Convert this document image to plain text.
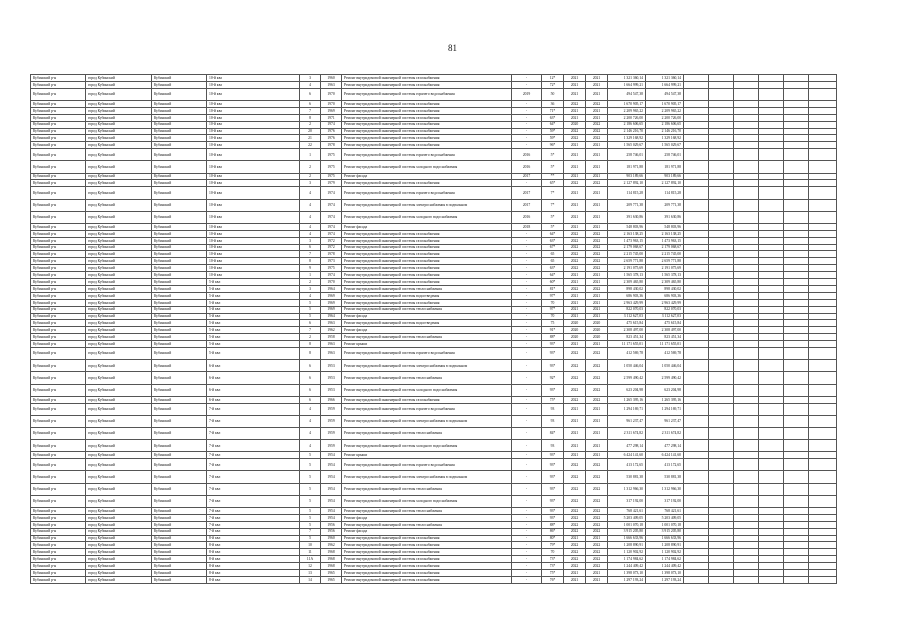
81
Кубинский р-н	город Кубинский	Кубинский	10-й квл	3	1960	Ремонт внутридомовой инженерной системы газоснабжения	-	12*	2021	2021	1 321 360,14	1 321 360,14						
Кубинский р-н	город Кубинский	Кубинский	10-й квл	4	1963	Ремонт внутридомовой инженерной системы газоснабжения	-	72*	2021	2021	1 664 999,21	1 664 999,21						
Кубинский р-н	город Кубинский	Кубинский	10-й квл	6	1970	Ремонт внутридомовой инженерной системы горячего водоснабжения	2019	50	2021	2021	494 547,38	494 547,38						
Кубинский р-н	город Кубинский	Кубинский	10-й квл	6	1970	Ремонт внутридомовой инженерной системы газоснабжения	-	36	2022	2022	1 670 905,17	1 670 905,17						
Кубинский р-н	город Кубинский	Кубинский	10-й квл	7	1969	Ремонт внутридомовой инженерной системы газоснабжения	-	71*	2021	2021	2 209 965,22	2 209 965,22						
Кубинский р-н	город Кубинский	Кубинский	10-й квл	8	1971	Ремонт внутридомовой инженерной системы газоснабжения	-	63*	2021	2021	2 200 726,00	2 200 726,00						
Кубинский р-н	город Кубинский	Кубинский	10-й квл	2	1974	Ремонт внутридомовой инженерной системы газоснабжения	-	64*	2020	2022	2 186 606,65	2 186 606,65						
Кубинский р-н	город Кубинский	Кубинский	10-й квл	20	1976	Ремонт внутридомовой инженерной системы газоснабжения	-	59*	2022	2022	2 146 216,70	2 146 216,70						
Кубинский р-н	город Кубинский	Кубинский	10-й квл	21	1976	Ремонт внутридомовой инженерной системы газоснабжения	-	59*	2022	2022	1 329 168,92	1 329 168,92						
Кубинский р-н	город Кубинский	Кубинский	10-й квл	22	1978	Ремонт внутридомовой инженерной системы газоснабжения	-	96*	2021	2021	1 565 029,67	1 565 029,67						
Кубинский р-н	город Кубинский	Кубинский	10-й квл	1	1975	Ремонт внутридомовой инженерной системы горячего водоснабжения	2016	5*	2021	2021	258 746,01	258 746,01						
Кубинский р-н	город Кубинский	Кубинский	10-й квл	2	1975	Ремонт внутридомовой инженерной системы холодного водоснабжения	2016	5*	2021	2021	181 971,88	181 971,88						
Кубинский р-н	город Кубинский	Кубинский	10-й квл	2	1975	Ремонт фасада	2017	**	2021	2021	903 189,66	903 189,66						
Кубинский р-н	город Кубинский	Кубинский	10-й квл	3	1979	Ремонт внутридомовой инженерной системы газоснабжения	-	65*	2022	2022	2 127 892,10	2 127 892,10						
Кубинский р-н	город Кубинский	Кубинский	10-й квл	4	1974	Ремонт внутридомовой инженерной системы горячего водоснабжения	2017	7*	2021	2021	114 815,28	114 815,28						
Кубинский р-н	город Кубинский	Кубинский	10-й квл	4	1974	Ремонт внутридомовой инженерной системы электроснабжения в подвальном	2017	7*	2021	2021	209 771,38	209 771,38						
Кубинский р-н	город Кубинский	Кубинский	10-й квл	4	1974	Ремонт внутридомовой инженерной системы холодного водоснабжения	2016	5*	2021	2021	391 630,86	391 630,86						
Кубинский р-н	город Кубинский	Кубинский	10-й квл	4	1974	Ремонт фасада	2018	5*	2021	2021	548 803,96	548 803,96						
Кубинский р-н	город Кубинский	Кубинский	10-й квл	4	1974	Ремонт внутридомовой инженерной системы газоснабжения	-	64*	2022	2022	2 163 138,25	2 163 138,25						
Кубинский р-н	город Кубинский	Кубинский	10-й квл	3	1972	Ремонт внутридомовой инженерной системы газоснабжения	-	63*	2022	2022	1 473 963,15	1 473 963,15						
Кубинский р-н	город Кубинский	Кубинский	10-й квл	6	1972	Ремонт внутридомовой инженерной системы газоснабжения	-	67*	2022	2022	2 179 068,67	2 179 068,67						
Кубинский р-н	город Кубинский	Кубинский	10-й квл	7	1978	Ремонт внутридомовой инженерной системы газоснабжения	-	65	2022	2022	2 215 745,00	2 215 745,00						
Кубинский р-н	город Кубинский	Кубинский	10-й квл	8	1973	Ремонт внутридомовой инженерной системы газоснабжения	-	65	2022	2022	2 659 771,88	2 659 771,88						
Кубинский р-н	город Кубинский	Кубинский	10-й квл	9	1975	Ремонт внутридомовой инженерной системы газоснабжения	-	63*	2022	2022	2 191 075,69	2 191 075,69						
Кубинский р-н	город Кубинский	Кубинский	10-й квл	1	1974	Ремонт внутридомовой инженерной системы газоснабжения	-	64*	2021	2021	1 565 378,13	1 565 378,13						
Кубинский р-н	город Кубинский	Кубинский	5-й квл	2	1970	Ремонт внутридомовой инженерной системы газоснабжения	-	60*	2021	2021	2 309 465,80	2 309 465,80						
Кубинский р-н	город Кубинский	Кубинский	5-й квл	3	1964	Ремонт внутридомовой инженерной системы теплоснабжения	-	81*	2022	2022	898 430,02	898 430,02						
Кубинский р-н	город Кубинский	Кубинский	5-й квл	4	1969	Ремонт внутридомовой инженерной системы водоотведения	-	97*	2021	2021	686 903,36	686 903,36						
Кубинский р-н	город Кубинский	Кубинский	5-й квл	5	1969	Ремонт внутридомовой инженерной системы газоснабжения	-	70	2021	2021	2 963 429,99	2 963 429,99						
Кубинский р-н	город Кубинский	Кубинский	5-й квл	5	1969	Ремонт внутридомовой инженерной системы теплоснабжения	-	97*	2021	2021	822 070,03	822 070,03						
Кубинский р-н	город Кубинский	Кубинский	5-й квл	5	1964	Ремонт фасада	-	70	2021	2021	3 112 627,03	3 112 627,03						
Кубинский р-н	город Кубинский	Кубинский	5-й квл	6	1963	Ремонт внутридомовой инженерной системы водоотведения	-	75	2020	2020	475 615,84	475 615,84						
Кубинский р-н	город Кубинский	Кубинский	5-й квл	7	1962	Ремонт фасада	-	91*	2020	2020	2 308 497,00	2 308 497,00						
Кубинский р-н	город Кубинский	Кубинский	5-й квл	2	1958	Ремонт внутридомовой инженерной системы теплоснабжения	-	88*	2020	2020	823 451,34	823 451,34						
Кубинский р-н	город Кубинский	Кубинский	5-й квл	8	1963	Ремонт крыши	-	93*	2021	2021	11 171 655,01	11 171 655,01						
Кубинский р-н	город Кубинский	Кубинский	5-й квл	8	1963	Ремонт внутридомовой инженерной системы горячего водоснабжения	-	93*	2022	2022	412 569,78	412 569,78						
Кубинский р-н	город Кубинский	Кубинский	6-й квл	6	1953	Ремонт внутридомовой инженерной системы электроснабжения в подвальном	-	93*	2022	2022	1 050 446,04	1 050 446,04						
Кубинский р-н	город Кубинский	Кубинский	6-й квл	6	1953	Ремонт внутридомовой инженерной системы теплоснабжения	-	92*	2022	2022	2 599 490,42	2 599 490,42						
Кубинский р-н	город Кубинский	Кубинский	6-й квл	6	1953	Ремонт внутридомовой инженерной системы холодного водоснабжения	-	93*	2022	2022	623 204,98	623 204,98						
Кубинский р-н	город Кубинский	Кубинский	6-й квл	6	1966	Ремонт внутридомовой инженерной системы газоснабжения	-	75*	2022	2022	1 265 395,16	1 265 395,16						
Кубинский р-н	город Кубинский	Кубинский	7-й квл	4	1959	Ремонт внутридомовой инженерной системы горячего водоснабжения	-	93	2021	2021	1 294 169,71	1 294 169,71						
Кубинский р-н	город Кубинский	Кубинский	7-й квл	4	1959	Ремонт внутридомовой инженерной системы электроснабжения в подвальном	-	93	2021	2021	961 237,47	961 237,47						
Кубинский р-н	город Кубинский	Кубинский	7-й квл	4	1959	Ремонт внутридомовой инженерной системы теплоснабжения	-	84*	2021	2021	2 311 674,82	2 311 674,82						
Кубинский р-н	город Кубинский	Кубинский	7-й квл	4	1959	Ремонт внутридомовой инженерной системы холодного водоснабжения	-	93	2021	2021	477 298,14	477 298,14						
Кубинский р-н	город Кубинский	Кубинский	7-й квл	5	1954	Ремонт крыши	-	93*	2021	2021	6 424 141,60	6 424 141,60						
Кубинский р-н	город Кубинский	Кубинский	7-й квл	5	1954	Ремонт внутридомовой инженерной системы горячего водоснабжения	-	93*	2022	2022	413 172,65	413 172,65						
Кубинский р-н	город Кубинский	Кубинский	7-й квл	5	1954	Ремонт внутридомовой инженерной системы электроснабжения в подвальном	-	93*	2022	2022	530 881,38	530 881,38						
Кубинский р-н	город Кубинский	Кубинский	7-й квл	5	1954	Ремонт внутридомовой инженерной системы теплоснабжения	-	93*	2022	2022	1 312 966,30	1 312 966,30						
Кубинский р-н	город Кубинский	Кубинский	7-й квл	5	1954	Ремонт внутридомовой инженерной системы холодного водоснабжения	-	93*	2022	2022	317 192,00	317 192,00						
Кубинский р-н	город Кубинский	Кубинский	7-й квл	5	1954	Ремонт внутридомовой инженерной системы теплоснабжения	-	93*	2022	2022	768 421,61	768 421,61						
Кубинский р-н	город Кубинский	Кубинский	7-й квл	5	1954	Ремонт фасада	-	93*	2022	2022	5 203 409,05	5 203 409,05						
Кубинский р-н	город Кубинский	Кубинский	7-й квл	5	1956	Ремонт внутридомовой инженерной системы теплоснабжения	-	88*	2022	2022	1 001 070,18	1 001 070,18						
Кубинский р-н	город Кубинский	Кубинский	7-й квл	7	1956	Ремонт фасада	-	86*	2022	2022	3 915 205,80	3 915 205,80						
Кубинский р-н	город Кубинский	Кубинский	8-й квл	5	1960	Ремонт внутридомовой инженерной системы газоснабжения	-	80*	2021	2021	1 666 633,96	1 666 633,96						
Кубинский р-н	город Кубинский	Кубинский	8-й квл	10	1962	Ремонт внутридомовой инженерной системы газоснабжения	-	79*	2022	2022	1 208 890,91	1 208 890,91						
Кубинский р-н	город Кубинский	Кубинский	8-й квл	11	1968	Ремонт внутридомовой инженерной системы газоснабжения	-	70	2022	2022	1 120 902,92	1 120 902,92						
Кубинский р-н	город Кубинский	Кубинский	8-й квл	11А	1968	Ремонт внутридомовой инженерной системы газоснабжения	-	73*	2022	2022	1 174 984,62	1 174 984,62						
Кубинский р-н	город Кубинский	Кубинский	8-й квл	12	1968	Ремонт внутридомовой инженерной системы газоснабжения	-	73*	2022	2022	1 244 409,42	1 244 409,42						
Кубинский р-н	город Кубинский	Кубинский	8-й квл	13	1965	Ремонт внутридомовой инженерной системы газоснабжения	-	75*	2021	2021	1 398 073,10	1 398 073,10						
Кубинский р-н	город Кубинский	Кубинский	8-й квл	14	1965	Ремонт внутридомовой инженерной системы газоснабжения	-	76*	2021	2021	1 297 193,24	1 297 193,24						
